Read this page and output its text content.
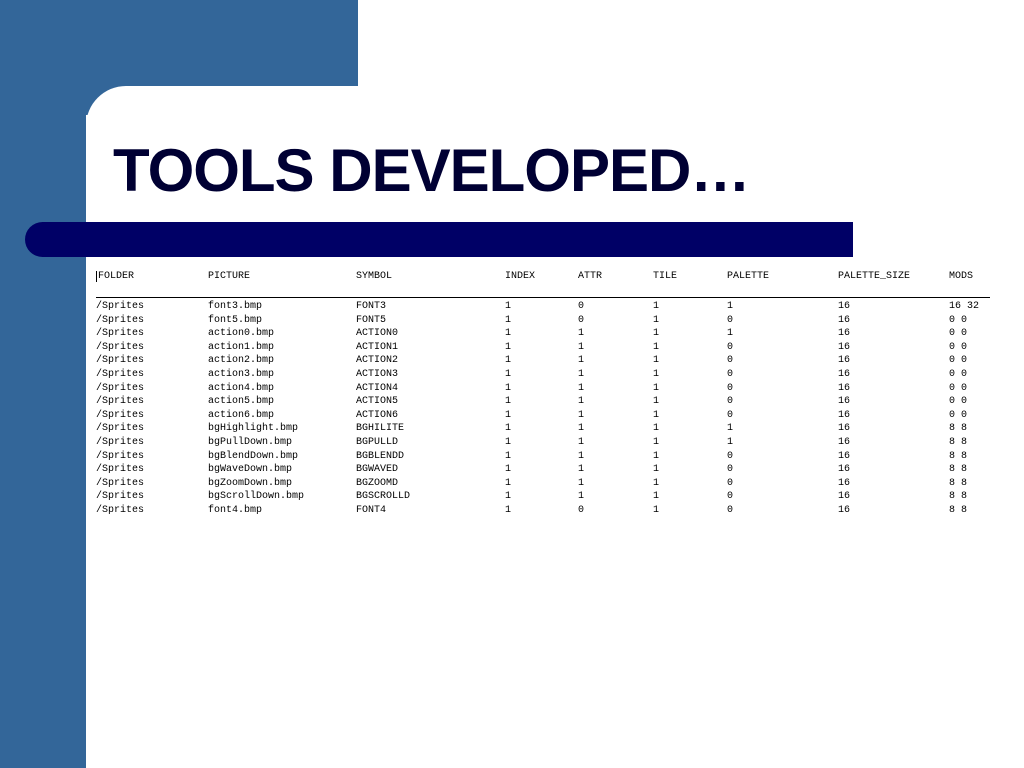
TOOLS DEVELOPED…
FOLDER	PICTURE	SYMBOL	INDEX	ATTR	TILE	PALETTE	PALETTE_SIZE	MODS

/Sprites	font3.bmp	FONT3	1	0	1	1	16	16 32
/Sprites	font5.bmp	FONT5	1	0	1	0	16	0 0
/Sprites	action0.bmp	ACTION0	1	1	1	1	16	0 0
/Sprites	action1.bmp	ACTION1	1	1	1	0	16	0 0
/Sprites	action2.bmp	ACTION2	1	1	1	0	16	0 0
/Sprites	action3.bmp	ACTION3	1	1	1	0	16	0 0
/Sprites	action4.bmp	ACTION4	1	1	1	0	16	0 0
/Sprites	action5.bmp	ACTION5	1	1	1	0	16	0 0
/Sprites	action6.bmp	ACTION6	1	1	1	0	16	0 0
/Sprites	bgHighlight.bmp	BGHILITE	1	1	1	1	16	8 8
/Sprites	bgPullDown.bmp	BGPULLD	1	1	1	1	16	8 8
/Sprites	bgBlendDown.bmp	BGBLENDD	1	1	1	0	16	8 8
/Sprites	bgWaveDown.bmp	BGWAVED	1	1	1	0	16	8 8
/Sprites	bgZoomDown.bmp	BGZOOMD	1	1	1	0	16	8 8
/Sprites	bgScrollDown.bmp	BGSCROLLD	1	1	1	0	16	8 8
/Sprites	font4.bmp	FONT4	1	0	1	0	16	8 8
